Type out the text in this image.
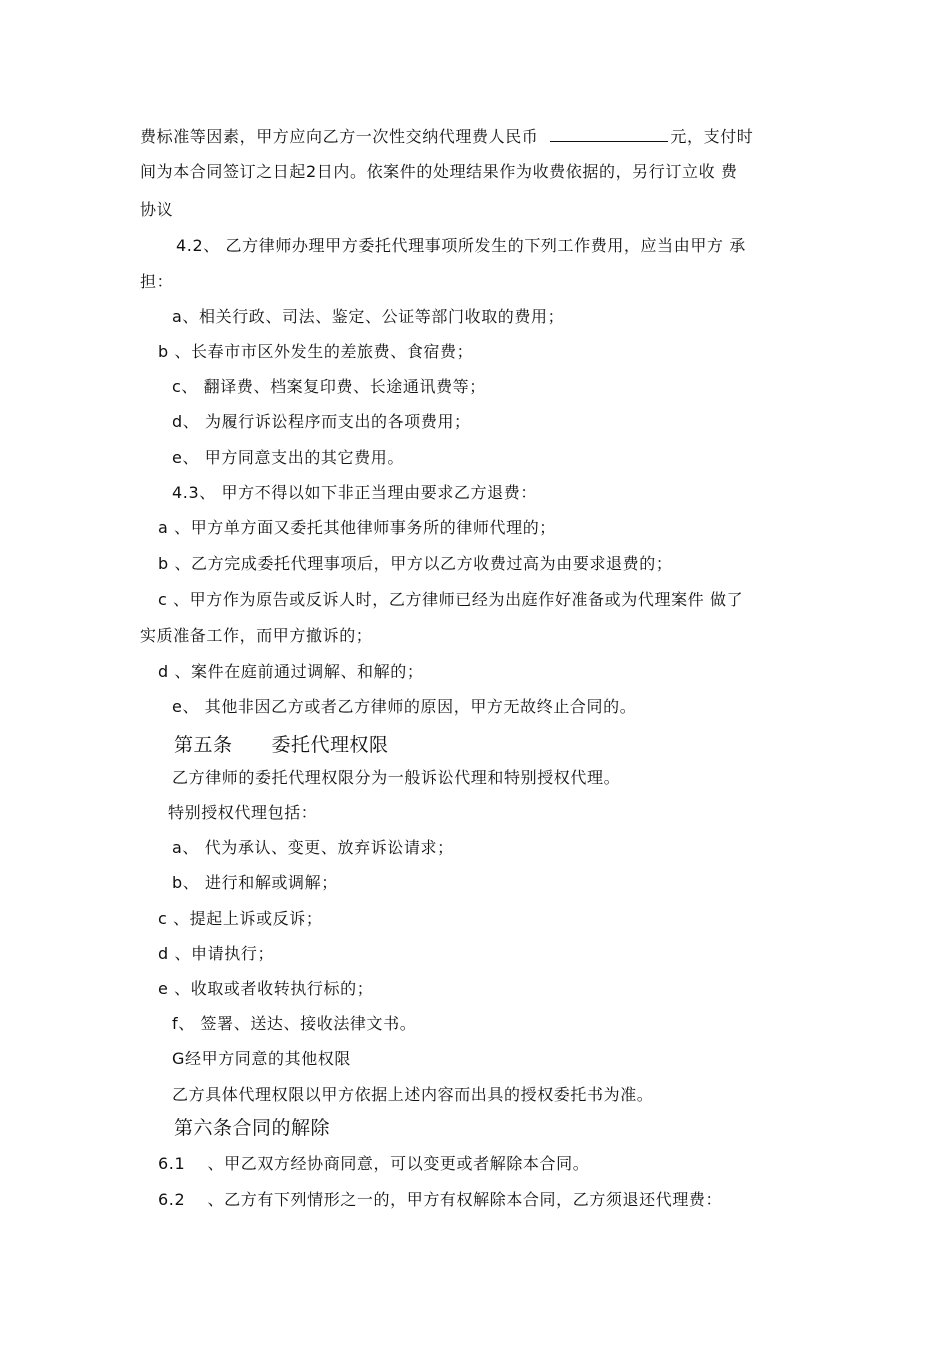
费标准等因素，甲方应向乙方一次性交纳代理费人民币	元，支付时
间为本合同签订之日起2日内。依案件的处理结果作为收费依据的，另行订立收 费
协议
4.2、 乙方律师办理甲方委托代理事项所发生的下列工作费用，应当由甲方 承
担：
a、相关行政、司法、鉴定、公证等部门收取的费用；
b 、长春市市区外发生的差旅费、食宿费；
c、 翻译费、档案复印费、长途通讯费等；
d、 为履行诉讼程序而支出的各项费用；
e、 甲方同意支出的其它费用。
4.3、 甲方不得以如下非正当理由要求乙方退费：
a 、甲方单方面又委托其他律师事务所的律师代理的；
b 、乙方完成委托代理事项后，甲方以乙方收费过高为由要求退费的；
c 、甲方作为原告或反诉人时，乙方律师已经为出庭作好准备或为代理案件 做了
实质准备工作，而甲方撤诉的；
d 、案件在庭前通过调解、和解的；
e、 其他非因乙方或者乙方律师的原因，甲方无故终止合同的。
第五条　　委托代理权限
乙方律师的委托代理权限分为一般诉讼代理和特别授权代理。
特别授权代理包括：
a、 代为承认、变更、放弃诉讼请求；
b、 进行和解或调解；
c 、提起上诉或反诉；
d 、申请执行；
e 、收取或者收转执行标的；
f、 签署、送达、接收法律文书。
G经甲方同意的其他权限
乙方具体代理权限以甲方依据上述内容而出具的授权委托书为准。
第六条合同的解除
6.1　 、甲乙双方经协商同意，可以变更或者解除本合同。
6.2　 、乙方有下列情形之一的，甲方有权解除本合同，乙方须退还代理费：
